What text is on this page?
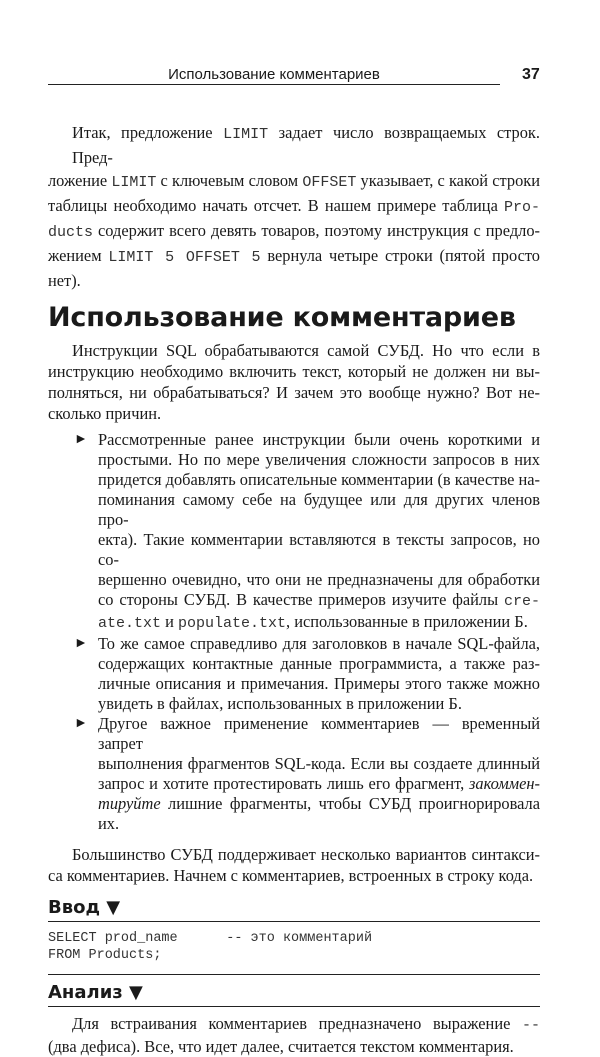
Использование комментариев	37
Итак, предложение LIMIT задает число возвращаемых строк. Пред-
ложение LIMIT с ключевым словом OFFSET указывает, с какой строки
таблицы необходимо начать отсчет. В нашем примере таблица Pro-
ducts содержит всего девять товаров, поэтому инструкция с предло-
жением LIMIT 5 OFFSET 5 вернула четыре строки (пятой просто нет).
Использование комментариев
Инструкции SQL обрабатываются самой СУБД. Но что если в
инструкцию необходимо включить текст, который не должен ни вы-
полняться, ни обрабатываться? И зачем это вообще нужно? Вот не-
сколько причин.
► Рассмотренные ранее инструкции были очень короткими и
простыми. Но по мере увеличения сложности запросов в них
придется добавлять описательные комментарии (в качестве на-
поминания самому себе на будущее или для других членов про-
екта). Такие комментарии вставляются в тексты запросов, но со-
вершенно очевидно, что они не предназначены для обработки
со стороны СУБД. В качестве примеров изучите файлы cre-
ate.txt и populate.txt, использованные в приложении Б.
► То же самое справедливо для заголовков в начале SQL-файла,
содержащих контактные данные программиста, а также раз-
личные описания и примечания. Примеры этого также можно
увидеть в файлах, использованных в приложении Б.
► Другое важное применение комментариев — временный запрет
выполнения фрагментов SQL-кода. Если вы создаете длинный
запрос и хотите протестировать лишь его фрагмент, закоммен-
тируйте лишние фрагменты, чтобы СУБД проигнорировала их.
Большинство СУБД поддерживает несколько вариантов синтакси-
са комментариев. Начнем с комментариев, встроенных в строку кода.
Ввод ▼
SELECT prod_name      -- это комментарий
FROM Products;
Анализ ▼
Для встраивания комментариев предназначено выражение --
(два дефиса). Все, что идет далее, считается текстом комментария.
